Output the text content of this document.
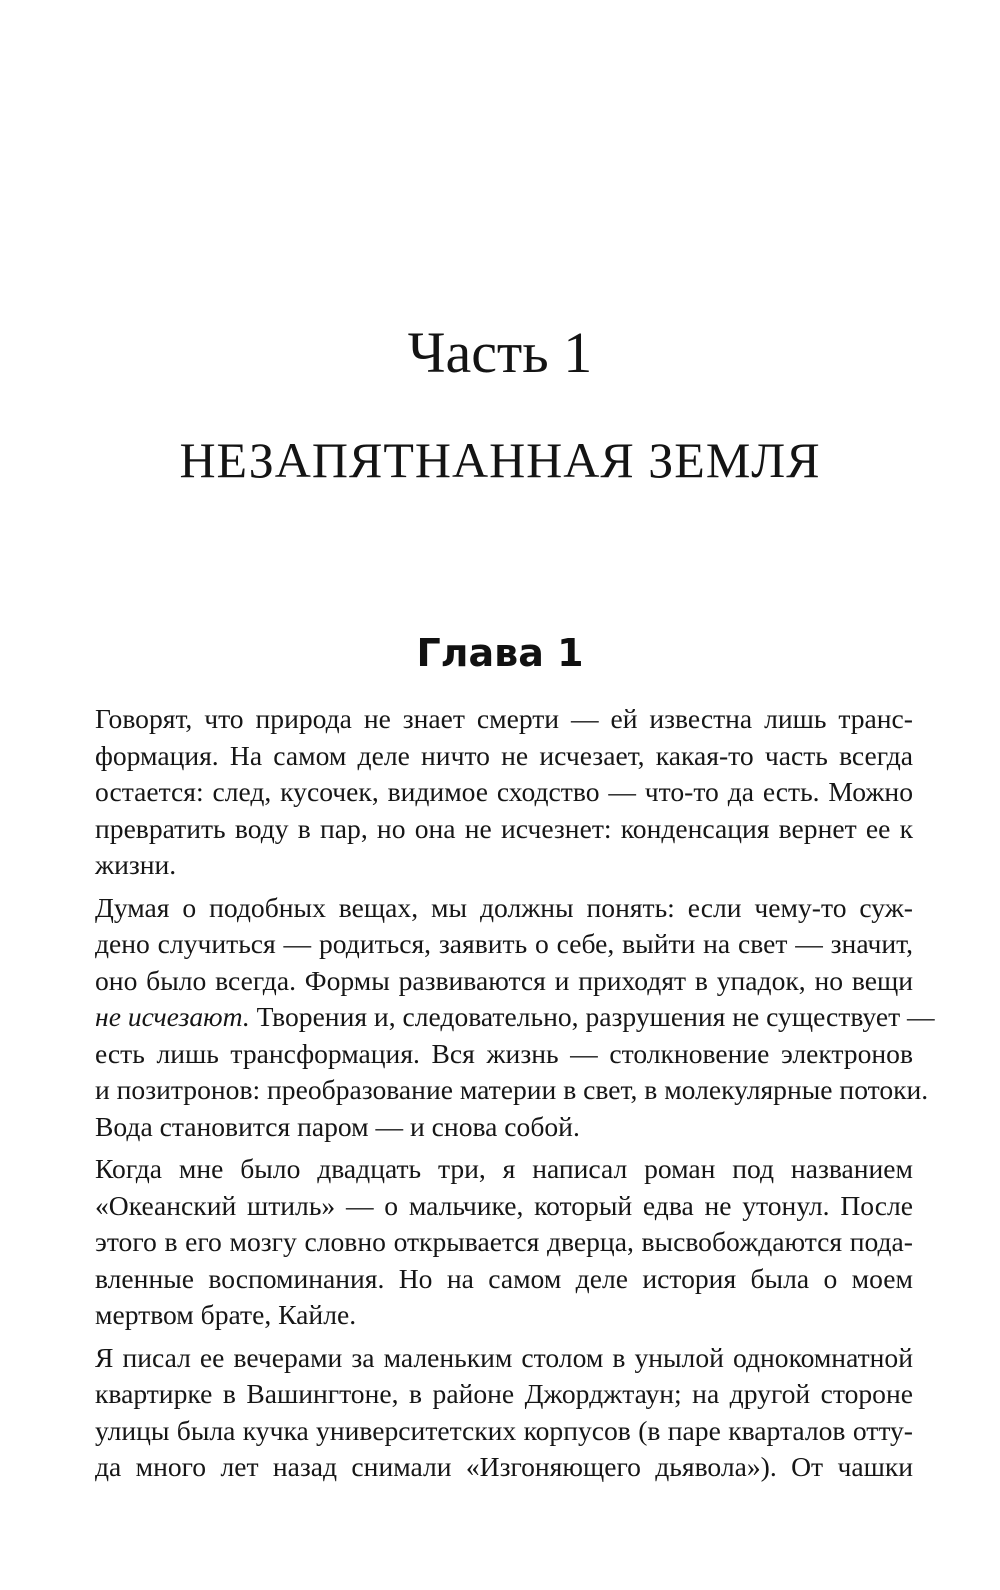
Часть 1
НЕЗАПЯТНАННАЯ ЗЕМЛЯ
Глава 1

Говорят, что природа не знает смерти — ей известна лишь транс-
формация. На самом деле ничто не исчезает, какая-то часть всегда
остается: след, кусочек, видимое сходство — что-то да есть. Можно
превратить воду в пар, но она не исчезнет: конденсация вернет ее к
жизни.

Думая о подобных вещах, мы должны понять: если чему-то суж-
дено случиться — родиться, заявить о себе, выйти на свет — значит,
оно было всегда. Формы развиваются и приходят в упадок, но вещи
не исчезают. Творения и, следовательно, разрушения не существует —
есть лишь трансформация. Вся жизнь — столкновение электронов
и позитронов: преобразование материи в свет, в молекулярные потоки.
Вода становится паром — и снова собой.

Когда мне было двадцать три, я написал роман под названием
«Океанский штиль» — о мальчике, который едва не утонул. После
этого в его мозгу словно открывается дверца, высвобождаются пода-
вленные воспоминания. Но на самом деле история была о моем
мертвом брате, Кайле.

Я писал ее вечерами за маленьким столом в унылой однокомнатной
квартирке в Вашингтоне, в районе Джорджтаун; на другой стороне
улицы была кучка университетских корпусов (в паре кварталов отту-
да много лет назад снимали «Изгоняющего дьявола»). От чашки
